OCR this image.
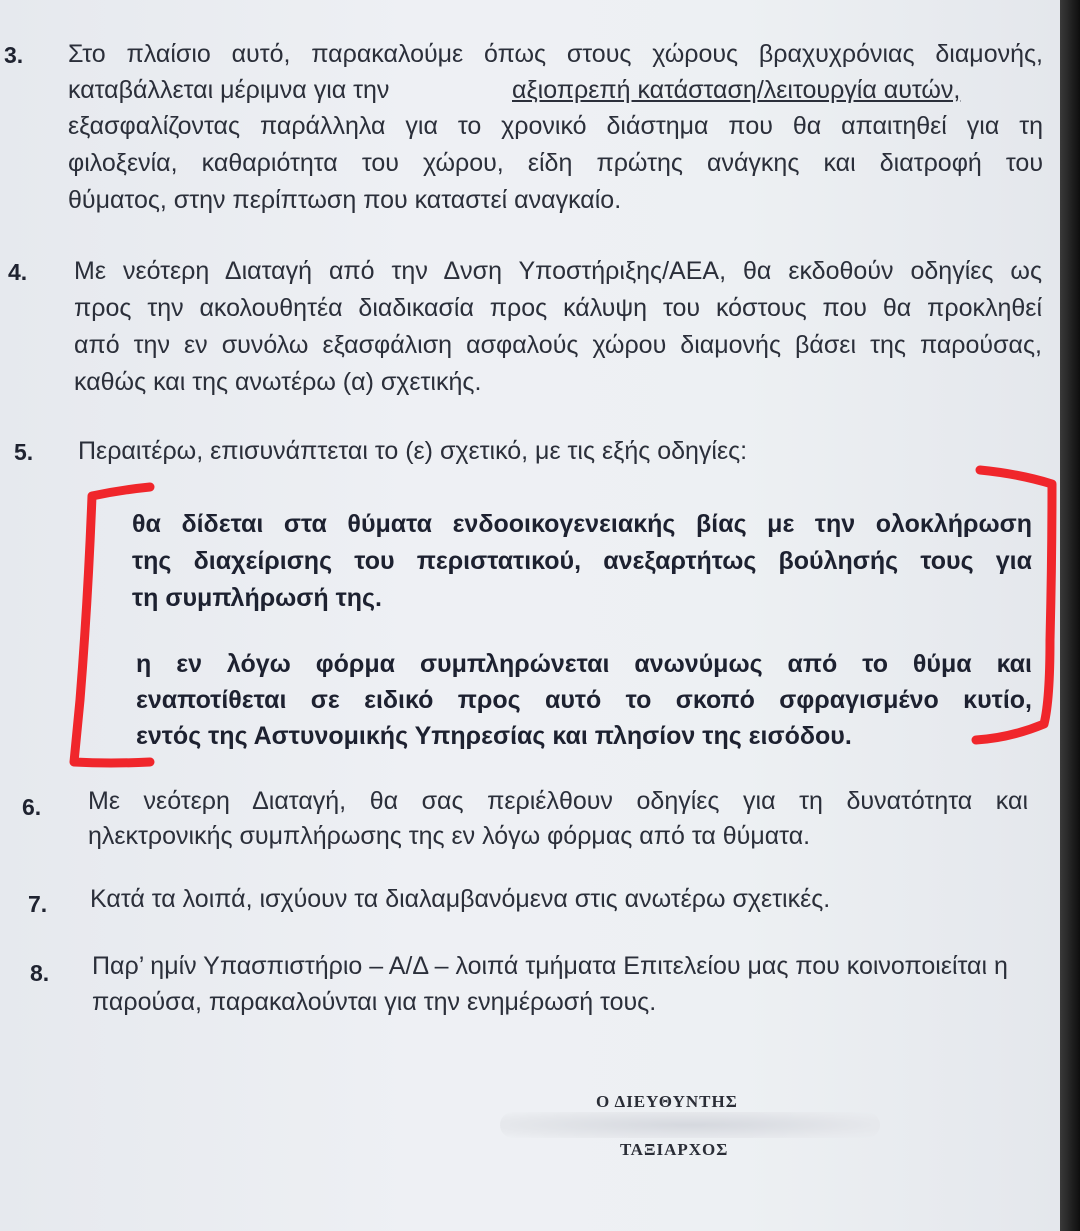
3. Στο πλαίσιο αυτό, παρακαλούμε όπως στους χώρους βραχυχρόνιας διαμονής,
καταβάλλεται μέριμνα για την	αξιοπρεπή κατάσταση/λειτουργία αυτών,
εξασφαλίζοντας παράλληλα για το χρονικό διάστημα που θα απαιτηθεί για τη
φιλοξενία, καθαριότητα του χώρου, είδη πρώτης ανάγκης και διατροφή του
θύματος, στην περίπτωση που καταστεί αναγκαίο.
4. Με νεότερη Διαταγή από την Δνση Υποστήριξης/ΑΕΑ, θα εκδοθούν οδηγίες ως
προς την ακολουθητέα διαδικασία προς κάλυψη του κόστους που θα προκληθεί
από την εν συνόλω εξασφάλιση ασφαλούς χώρου διαμονής βάσει της παρούσας,
καθώς και της ανωτέρω (α) σχετικής.
5. Περαιτέρω, επισυνάπτεται το (ε) σχετικό, με τις εξής οδηγίες:
θα δίδεται στα θύματα ενδοοικογενειακής βίας με την ολοκλήρωση
της διαχείρισης του περιστατικού, ανεξαρτήτως βούλησής τους για
τη συμπλήρωσή της.
η εν λόγω φόρμα συμπληρώνεται ανωνύμως από το θύμα και
εναποτίθεται σε ειδικό προς αυτό το σκοπό σφραγισμένο κυτίο,
εντός της Αστυνομικής Υπηρεσίας και πλησίον της εισόδου.
6. Με νεότερη Διαταγή, θα σας περιέλθουν οδηγίες για τη δυνατότητα και
ηλεκτρονικής συμπλήρωσης της εν λόγω φόρμας από τα θύματα.
7. Κατά τα λοιπά, ισχύουν τα διαλαμβανόμενα στις ανωτέρω σχετικές.
8. Παρ’ ημίν Υπασπιστήριο – Α/Δ – λοιπά τμήματα Επιτελείου μας που κοινοποιείται η
παρούσα, παρακαλούνται για την ενημέρωσή τους.
Ο ΔΙΕΥΘΥΝΤΗΣ
ΤΑΞΙΑΡΧΟΣ
